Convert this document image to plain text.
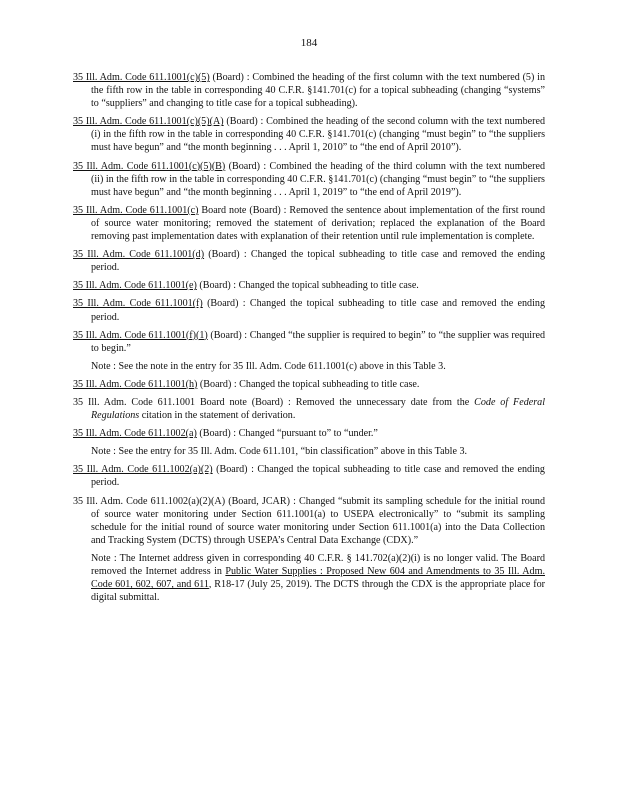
184

35 Ill. Adm. Code 611.1001(c)(5) (Board) : Combined the heading of the first column with the text numbered (5) in the fifth row in the table in corresponding 40 C.F.R. §141.701(c) for a topical subheading (changing “systems” to “suppliers” and changing to title case for a topical subheading).

35 Ill. Adm. Code 611.1001(c)(5)(A) (Board) : Combined the heading of the second column with the text numbered (i) in the fifth row in the table in corresponding 40 C.F.R. §141.701(c) (changing “must begin” to “the suppliers must have begun” and “the month beginning . . . April 1, 2010” to “the end of April 2010”).

35 Ill. Adm. Code 611.1001(c)(5)(B) (Board) : Combined the heading of the third column with the text numbered (ii) in the fifth row in the table in corresponding 40 C.F.R. §141.701(c) (changing “must begin” to “the suppliers must have begun” and “the month beginning . . . April 1, 2019” to “the end of April 2019”).

35 Ill. Adm. Code 611.1001(c) Board note (Board) : Removed the sentence about implementation of the first round of source water monitoring; removed the statement of derivation; replaced the explanation of the Board removing past implementation dates with explanation of their retention until rule implementation is complete.

35 Ill. Adm. Code 611.1001(d) (Board) : Changed the topical subheading to title case and removed the ending period.

35 Ill. Adm. Code 611.1001(e) (Board) : Changed the topical subheading to title case.

35 Ill. Adm. Code 611.1001(f) (Board) : Changed the topical subheading to title case and removed the ending period.

35 Ill. Adm. Code 611.1001(f)(1) (Board) : Changed “the supplier is required to begin” to “the supplier was required to begin.”

Note : See the note in the entry for 35 Ill. Adm. Code 611.1001(c) above in this Table 3.

35 Ill. Adm. Code 611.1001(h) (Board) : Changed the topical subheading to title case.

35 Ill. Adm. Code 611.1001 Board note (Board) : Removed the unnecessary date from the Code of Federal Regulations citation in the statement of derivation.

35 Ill. Adm. Code 611.1002(a) (Board) : Changed “pursuant to” to “under.”

Note : See the entry for 35 Ill. Adm. Code 611.101, “bin classification” above in this Table 3.

35 Ill. Adm. Code 611.1002(a)(2) (Board) : Changed the topical subheading to title case and removed the ending period.

35 Ill. Adm. Code 611.1002(a)(2)(A) (Board, JCAR) : Changed “submit its sampling schedule for the initial round of source water monitoring under Section 611.1001(a) to USEPA electronically” to “submit its sampling schedule for the initial round of source water monitoring under Section 611.1001(a) into the Data Collection and Tracking System (DCTS) through USEPA’s Central Data Exchange (CDX).”

Note : The Internet address given in corresponding 40 C.F.R. § 141.702(a)(2)(i) is no longer valid. The Board removed the Internet address in Public Water Supplies : Proposed New 604 and Amendments to 35 Ill. Adm. Code 601, 602, 607, and 611, R18-17 (July 25, 2019). The DCTS through the CDX is the appropriate place for digital submittal.
